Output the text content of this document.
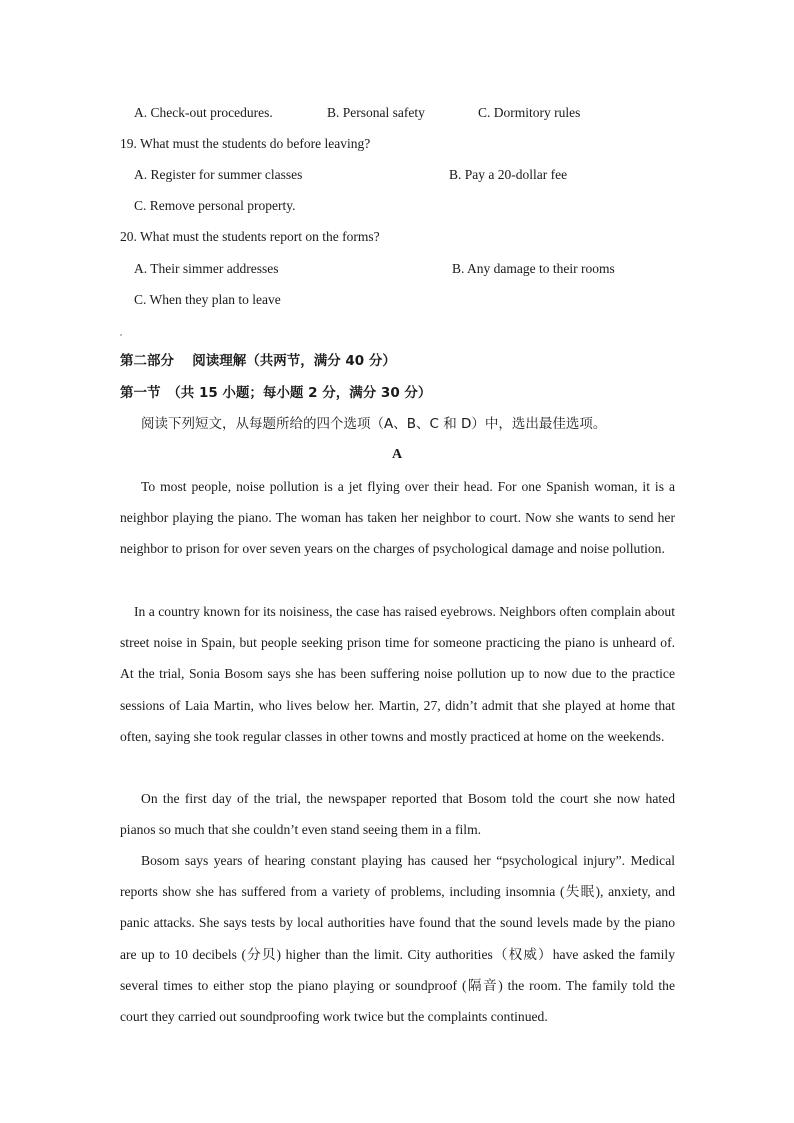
A. Check-out procedures.	B. Personal safety	C. Dormitory rules
19. What must the students do before leaving?
A. Register for summer classes	B. Pay a 20-dollar fee
C. Remove personal property.
20. What must the students report on the forms?
A. Their simmer addresses	B. Any damage to their rooms
C. When they plan to leave
第二部分　 阅读理解（共两节，满分 40 分）
第一节　（共 15 小题；每小题 2 分，满分 30 分）
阅读下列短文，从每题所给的四个选项（A、B、C 和 D）中，选出最佳选项。
A
To most people, noise pollution is a jet flying over their head. For one Spanish woman, it is a neighbor playing the piano. The woman has taken her neighbor to court. Now she wants to send her neighbor to prison for over seven years on the charges of psychological damage and noise pollution.
In a country known for its noisiness, the case has raised eyebrows. Neighbors often complain about street noise in Spain, but people seeking prison time for someone practicing the piano is unheard of. At the trial, Sonia Bosom says she has been suffering noise pollution up to now due to the practice sessions of Laia Martin, who lives below her. Martin, 27, didn’t admit that she played at home that often, saying she took regular classes in other towns and mostly practiced at home on the weekends.
On the first day of the trial, the newspaper reported that Bosom told the court she now hated pianos so much that she couldn’t even stand seeing them in a film.
Bosom says years of hearing constant playing has caused her “psychological injury”. Medical reports show she has suffered from a variety of problems, including insomnia (失眠), anxiety, and panic attacks. She says tests by local authorities have found that the sound levels made by the piano are up to 10 decibels (分贝) higher than the limit. City authorities（权威）have asked the family several times to either stop the piano playing or soundproof (隔音) the room. The family told the court they carried out soundproofing work twice but the complaints continued.
